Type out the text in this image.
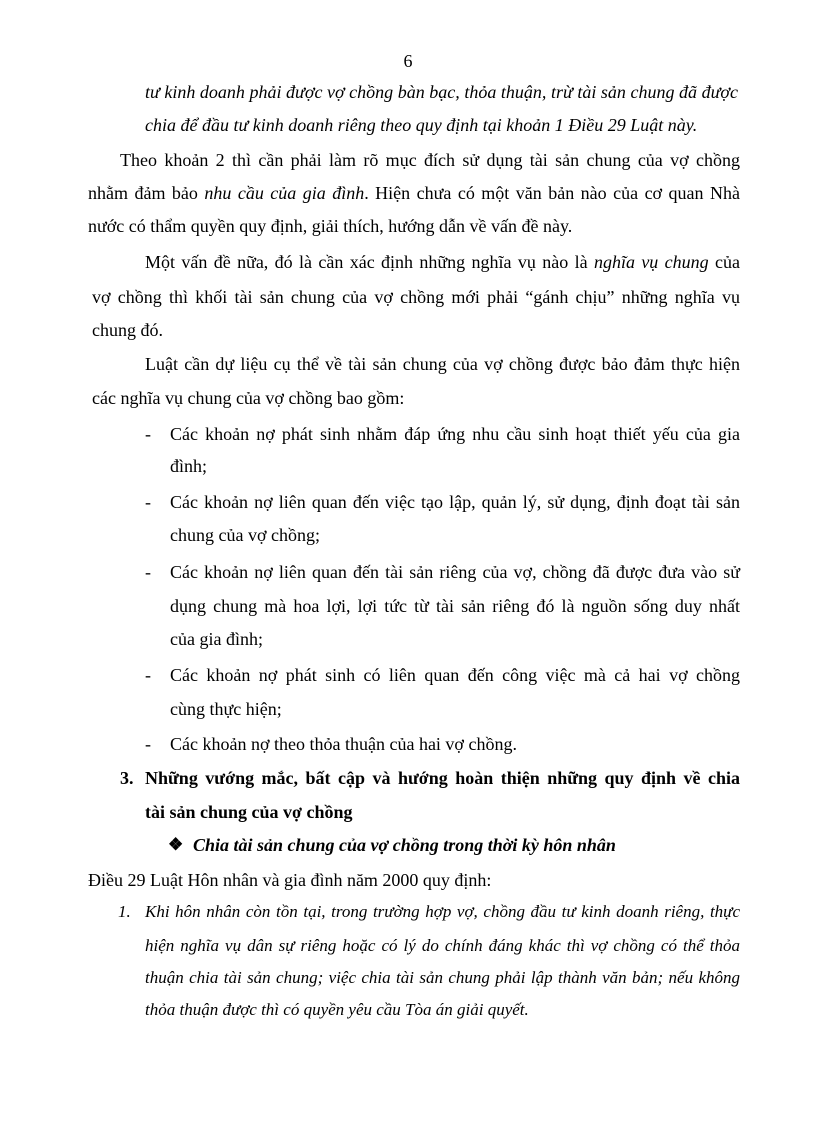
6
tư kinh doanh phải được vợ chồng bàn bạc, thỏa thuận, trừ tài sản chung đã được
chia để đầu tư kinh doanh riêng theo quy định tại khoản 1 Điều 29 Luật này.
Theo khoản 2 thì cần phải làm rõ mục đích sử dụng tài sản chung của vợ chồng
nhằm đảm bảo nhu cầu của gia đình. Hiện chưa có một văn bản nào của cơ quan Nhà
nước có thẩm quyền quy định, giải thích, hướng dẫn về vấn đề này.
Một vấn đề nữa, đó là cần xác định những nghĩa vụ nào là nghĩa vụ chung của
vợ chồng thì khối tài sản chung của vợ chồng mới phải “gánh chịu” những nghĩa vụ
chung đó.
Luật cần dự liệu cụ thể về tài sản chung của vợ chồng được bảo đảm thực hiện
các nghĩa vụ chung của vợ chồng bao gồm:
- Các khoản nợ phát sinh nhằm đáp ứng nhu cầu sinh hoạt thiết yếu của gia
đình;
- Các khoản nợ liên quan đến việc tạo lập, quản lý, sử dụng, định đoạt tài sản
chung của vợ chồng;
- Các khoản nợ liên quan đến tài sản riêng của vợ, chồng đã được đưa vào sử
dụng chung mà hoa lợi, lợi tức từ tài sản riêng đó là nguồn sống duy nhất
của gia đình;
- Các khoản nợ phát sinh có liên quan đến công việc mà cả hai vợ chồng
cùng thực hiện;
- Các khoản nợ theo thỏa thuận của hai vợ chồng.
3. Những vướng mắc, bất cập và hướng hoàn thiện những quy định về chia
tài sản chung của vợ chồng
❖ Chia tài sản chung của vợ chồng trong thời kỳ hôn nhân
Điều 29 Luật Hôn nhân và gia đình năm 2000 quy định:
1. Khi hôn nhân còn tồn tại, trong trường hợp vợ, chồng đầu tư kinh doanh riêng, thực
hiện nghĩa vụ dân sự riêng hoặc có lý do chính đáng khác thì vợ chồng có thể thỏa
thuận chia tài sản chung; việc chia tài sản chung phải lập thành văn bản; nếu không
thỏa thuận được thì có quyền yêu cầu Tòa án giải quyết.
